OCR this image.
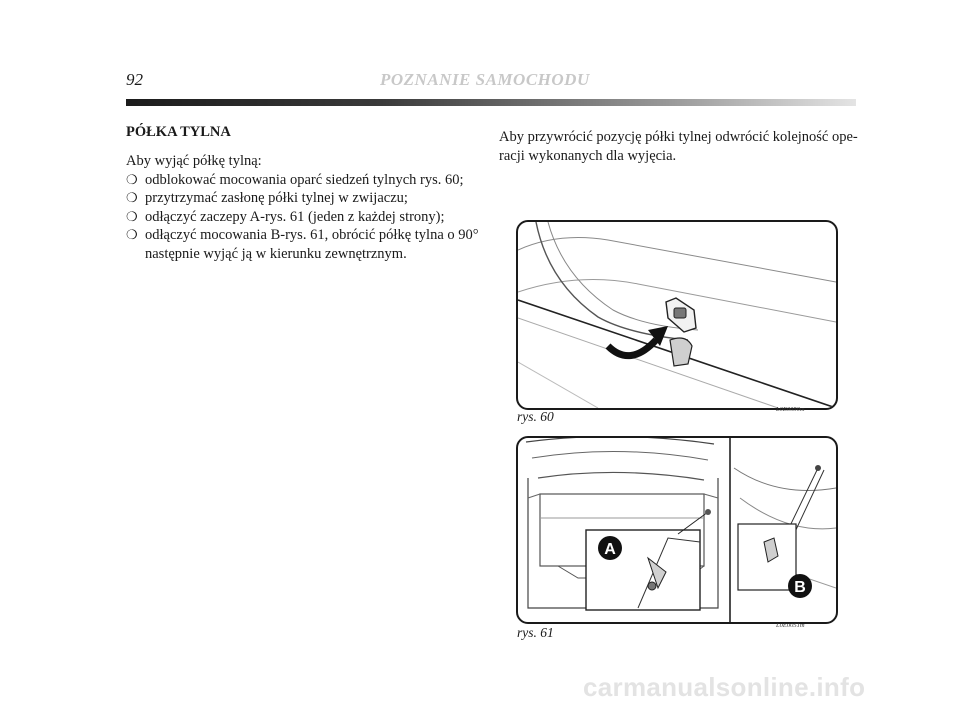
92	POZNANIE SAMOCHODU
PÓŁKA TYLNA

Aby wyjąć półkę tylną:

❍ odblokować mocowania oparć siedzeń tylnych rys. 60;
❍ przytrzymać zasłonę półki tylnej w zwijaczu;
❍ odłączyć zaczepy A-rys. 61 (jeden z każdej strony);
❍ odłączyć mocowania B-rys. 61, obrócić półkę tylna o 90° następnie wyjąć ją w kierunku zewnętrznym.

Aby przywrócić pozycję półki tylnej odwrócić kolejność ope-racji wykonanych dla wyjęcia.

rys. 60	L0E0050m
A
B
rys. 61	L0E0051m
carmanualsonline.info
